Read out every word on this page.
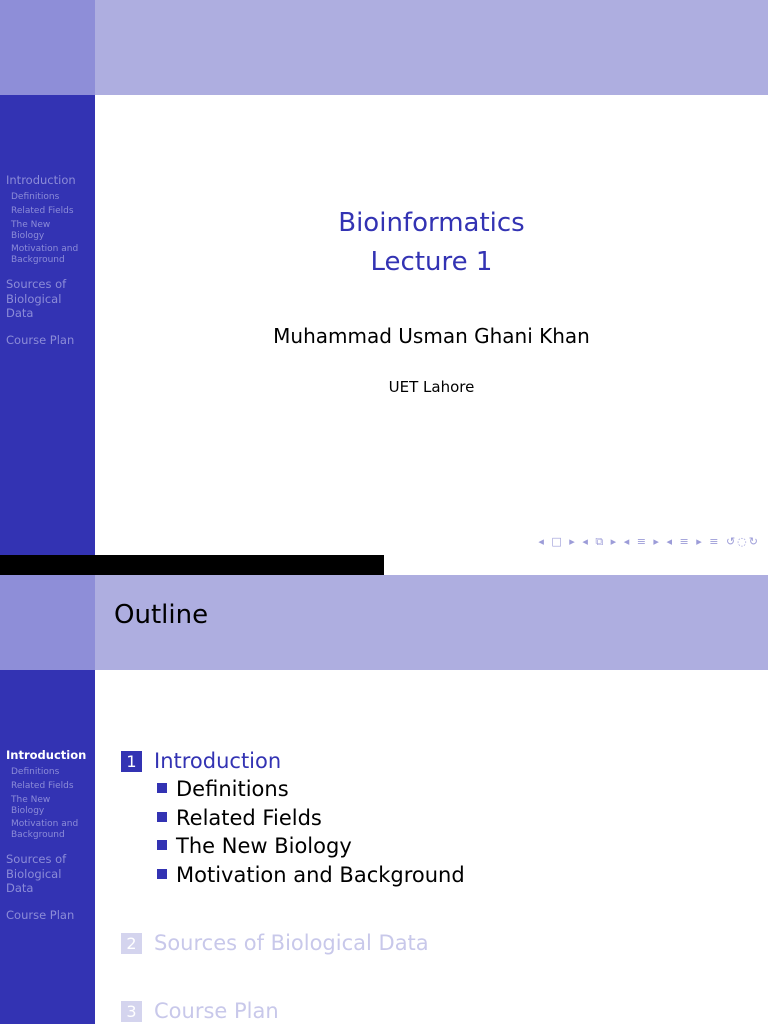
Introduction
Definitions
Related Fields
The New Biology
Motivation and Background
Sources of Biological Data
Course Plan
Bioinformatics
Lecture 1
Muhammad Usman Ghani Khan
UET Lahore
◂ □ ▸ ◂ ⧉ ▸ ◂ ≡ ▸ ◂ ≡ ▸ ≡ ↺◌↻
Outline
Introduction
Definitions
Related Fields
The New Biology
Motivation and Background
Sources of Biological Data
Course Plan
1 Introduction
Definitions
Related Fields
The New Biology
Motivation and Background
2 Sources of Biological Data
3 Course Plan
